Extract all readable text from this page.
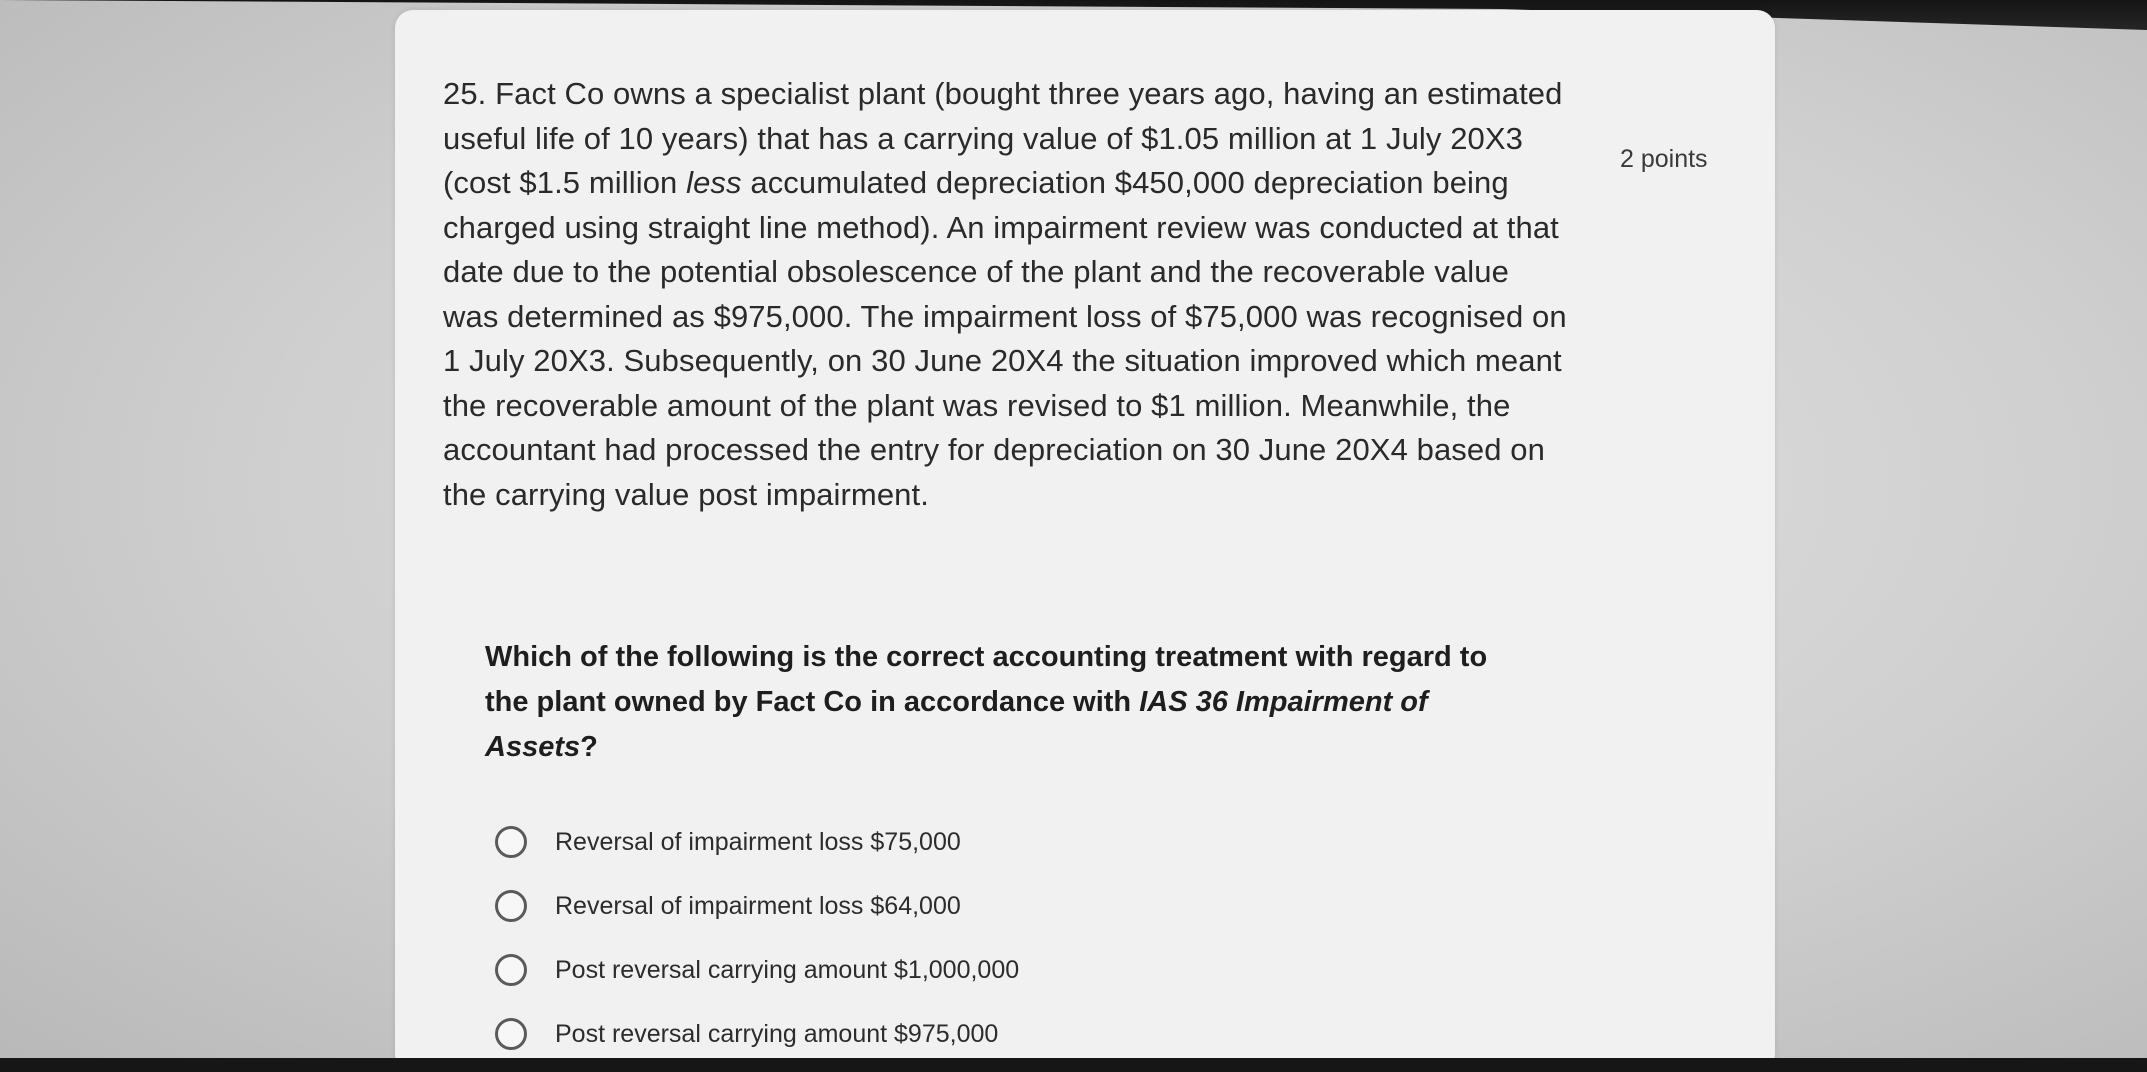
25. Fact Co owns a specialist plant (bought three years ago, having an estimated useful life of 10 years) that has a carrying value of $1.05 million at 1 July 20X3 (cost $1.5 million less accumulated depreciation $450,000 depreciation being charged using straight line method). An impairment review was conducted at that date due to the potential obsolescence of the plant and the recoverable value was determined as $975,000. The impairment loss of $75,000 was recognised on 1 July 20X3. Subsequently, on 30 June 20X4 the situation improved which meant the recoverable amount of the plant was revised to $1 million. Meanwhile, the accountant had processed the entry for depreciation on 30 June 20X4 based on the carrying value post impairment.
2 points
Which of the following is the correct accounting treatment with regard to the plant owned by Fact Co in accordance with IAS 36 Impairment of Assets?
Reversal of impairment loss $75,000
Reversal of impairment loss $64,000
Post reversal carrying amount $1,000,000
Post reversal carrying amount $975,000
